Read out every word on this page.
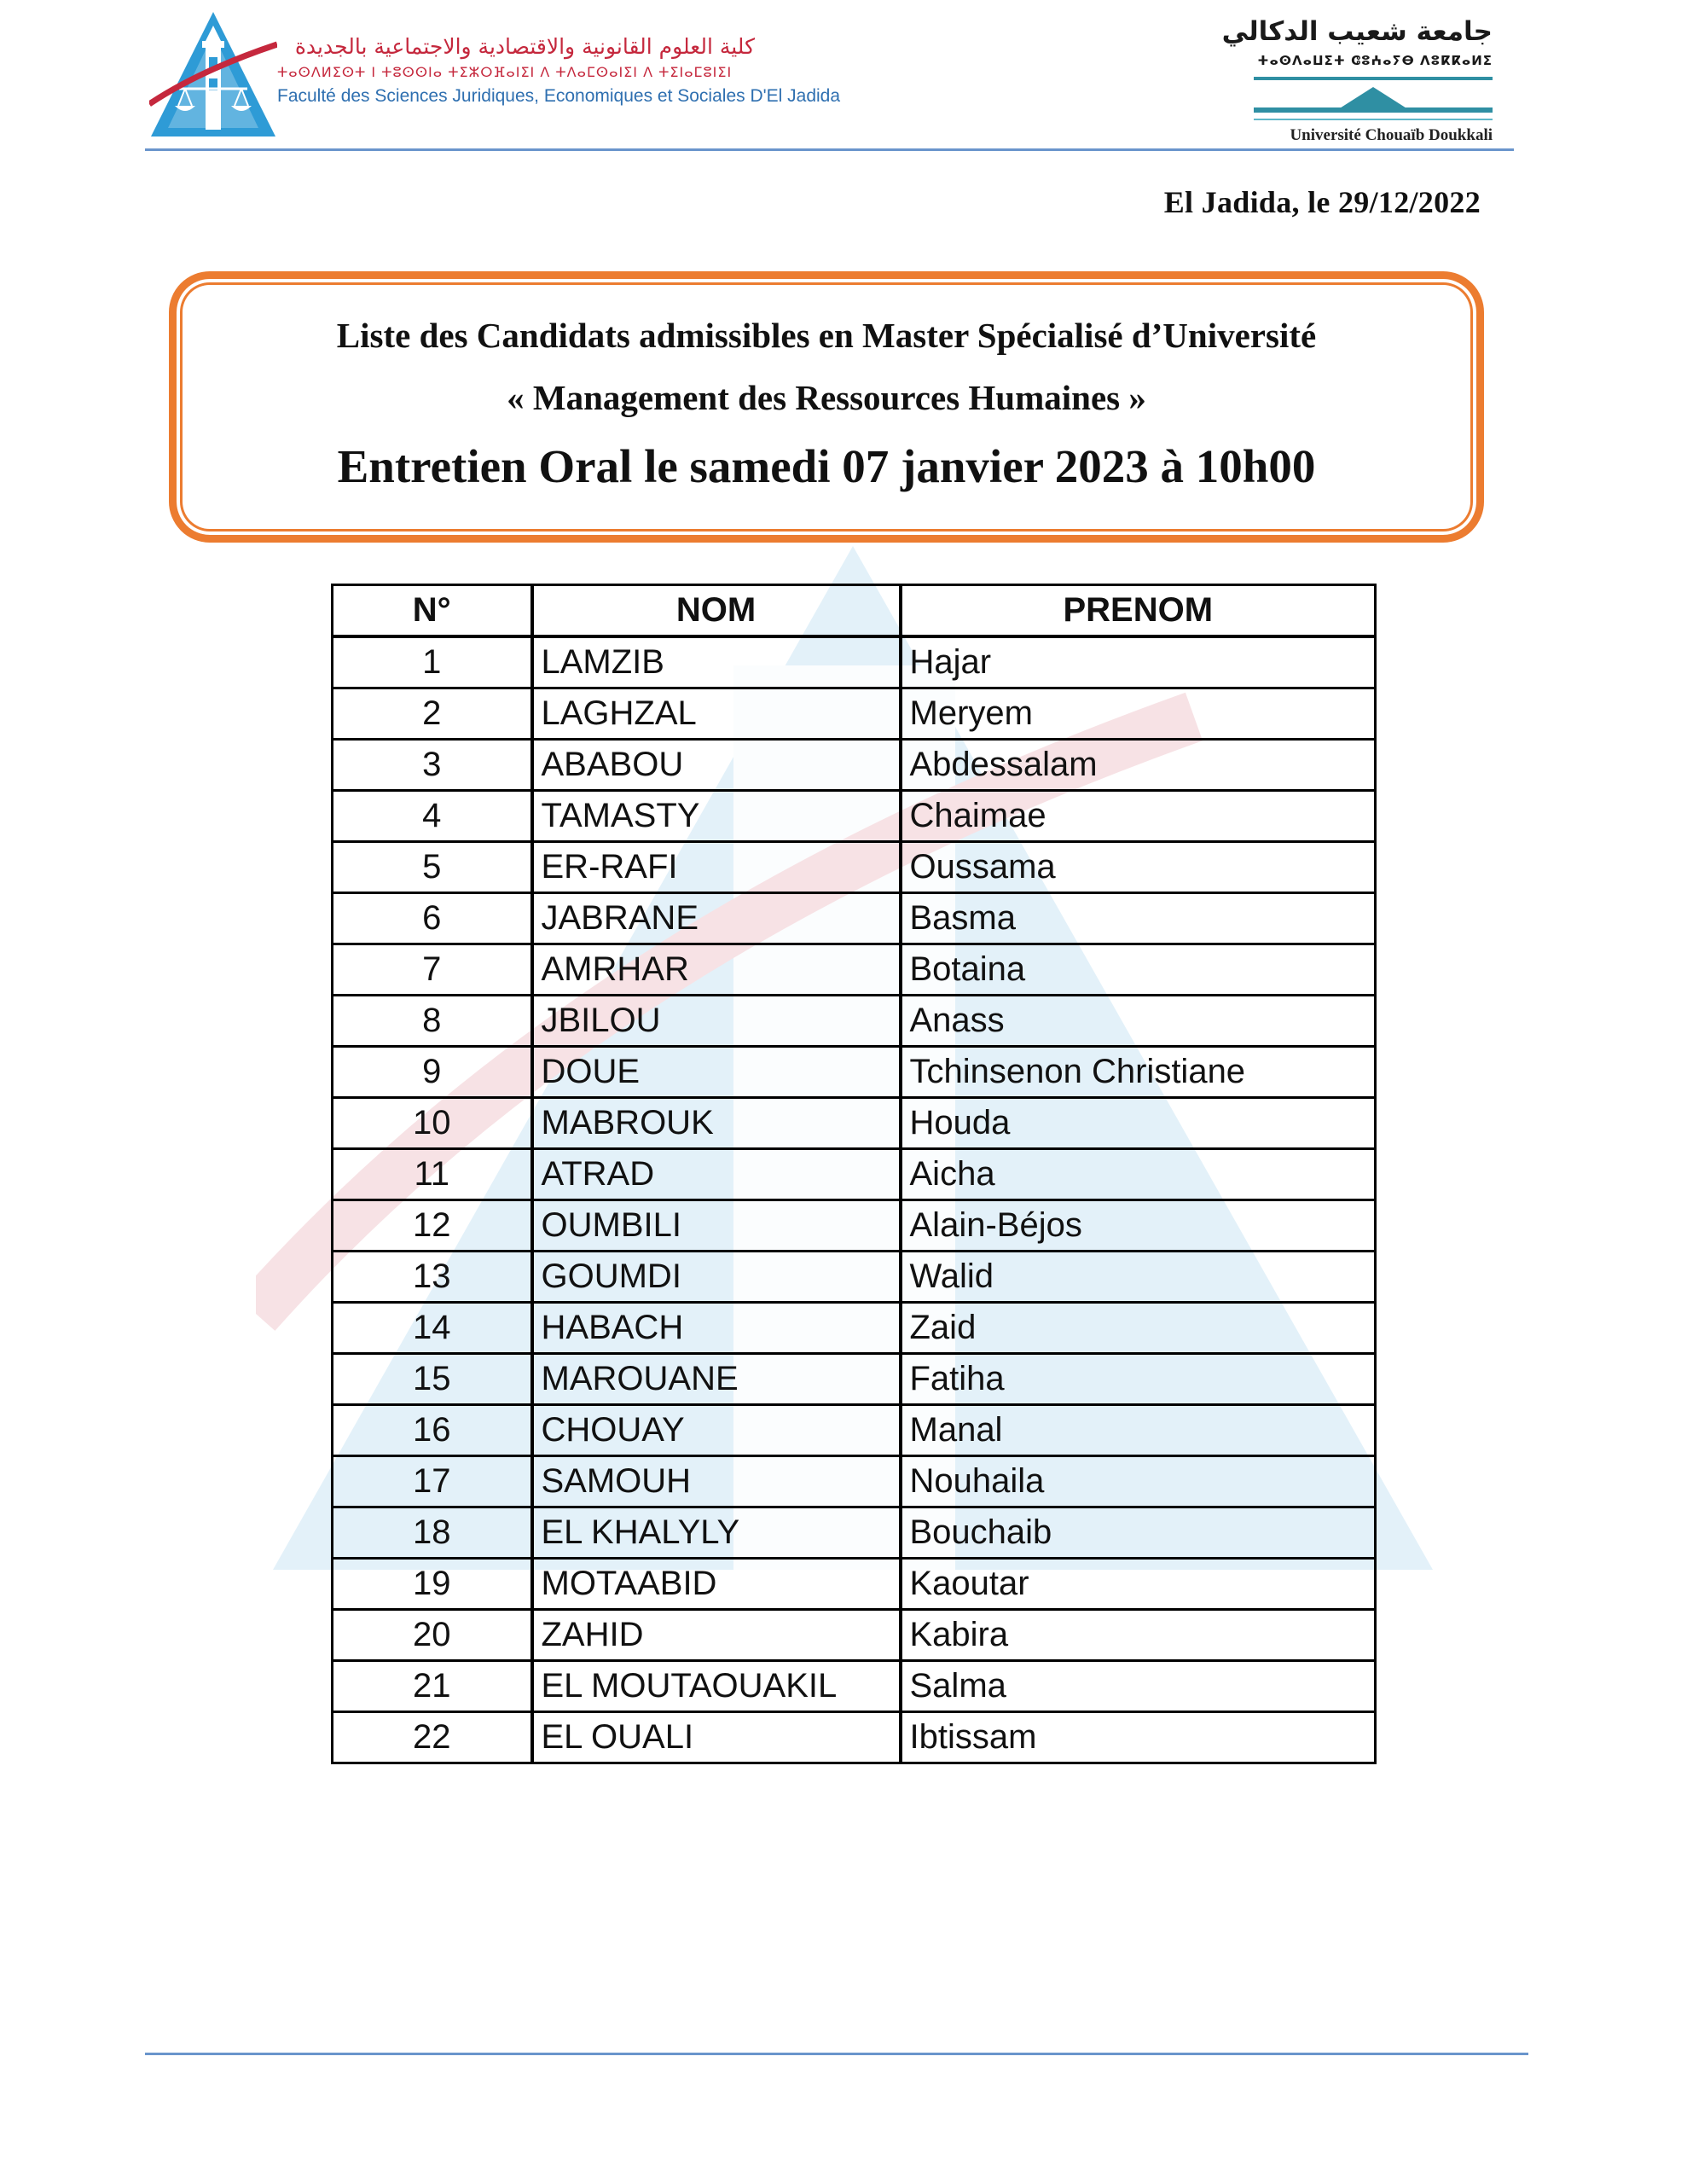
كلية العلوم القانونية والاقتصادية والاجتماعية بالجديدة
ⵜⴰⵙⴷⵍⵉⵙⵜ ⵏ ⵜⵓⵙⵙⵏⴰ ⵜⵉⵣⵔⴼⴰⵏⵉⵏ ⴷ ⵜⴷⴰⵎⵙⴰⵏⵉⵏ ⴷ ⵜⵉⵏⴰⵎⵓⵏⵉⵏ
Faculté des Sciences Juridiques, Economiques et Sociales D'El Jadida
جامعة شعيب الدكالي
ⵜⴰⵙⴷⴰⵡⵉⵜ ⵛⵓⵄⴰⵢⴱ ⴷⵓⴽⴽⴰⵍⵉ
Université Chouaïb Doukkali
El Jadida, le 29/12/2022
Liste des Candidats admissibles en Master Spécialisé d’Université
« Management des Ressources Humaines »
Entretien Oral le samedi 07 janvier 2023 à 10h00
N°	NOM	PRENOM
1	LAMZIB	Hajar
2	LAGHZAL	Meryem
3	ABABOU	Abdessalam
4	TAMASTY	Chaimae
5	ER-RAFI	Oussama
6	JABRANE	Basma
7	AMRHAR	Botaina
8	JBILOU	Anass
9	DOUE	Tchinsenon Christiane
10	MABROUK	Houda
11	ATRAD	Aicha
12	OUMBILI	Alain-Béjos
13	GOUMDI	Walid
14	HABACH	Zaid
15	MAROUANE	Fatiha
16	CHOUAY	Manal
17	SAMOUH	Nouhaila
18	EL KHALYLY	Bouchaib
19	MOTAABID	Kaoutar
20	ZAHID	Kabira
21	EL MOUTAOUAKIL	Salma
22	EL OUALI	Ibtissam
